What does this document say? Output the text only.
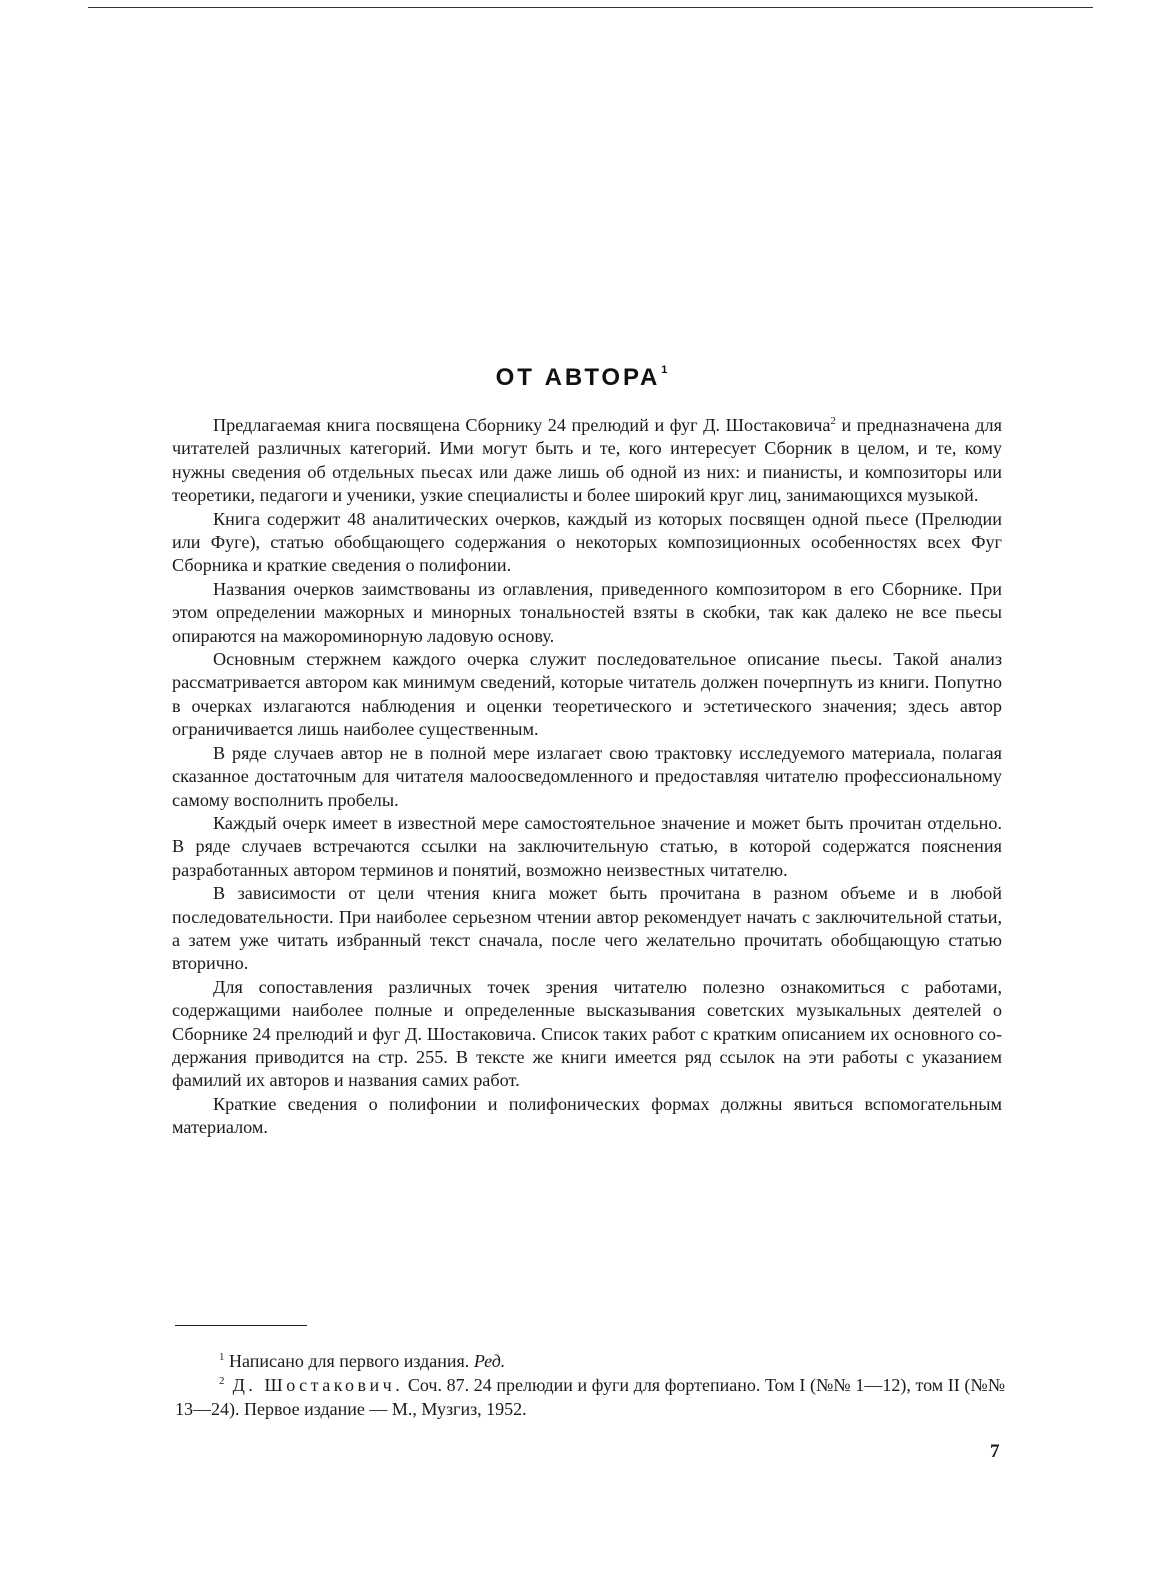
ОТ АВТОРА$^1$

Предлагаемая книга посвящена Сборнику 24 прелюдий и фуг Д. Шостаковича$^2$ и предназначена для читателей различных категорий. Ими могут быть и те, кого интересует Сборник в целом, и те, кому нужны сведения об отдельных пьесах или даже лишь об одной из них: и пианисты, и композиторы или теоретики, педагоги и ученики, узкие специалисты и более широкий круг лиц, занимающихся музыкой.

Книга содержит 48 аналитических очерков, каждый из которых посвящен одной пьесе (Прелюдии или Фуге), статью обобщающего содержания о некоторых композиционных особенностях всех Фуг Сборника и краткие сведения о полифонии.

Названия очерков заимствованы из оглавления, приведенного композитором в его Сборнике. При этом определении мажорных и минорных тональностей взяты в скобки, так как далеко не все пьесы опираются на мажороминорную ладовую основу.

Основным стержнем каждого очерка служит последовательное описание пьесы. Такой анализ рассматривается автором как минимум сведений, которые читатель должен почерпнуть из книги. Попутно в очерках излагаются наблюдения и оценки теоретического и эстетического значения; здесь автор ограничивается лишь наиболее существенным.

В ряде случаев автор не в полной мере излагает свою трактовку исследуемого материала, полагая сказанное достаточным для читателя малоосведомленного и предоставляя читателю профессиональному самому восполнить пробелы.

Каждый очерк имеет в известной мере самостоятельное значение и может быть прочитан отдельно. В ряде случаев встречаются ссылки на заключительную статью, в которой содержатся пояснения разработанных автором терминов и понятий, возможно неизвестных читателю.

В зависимости от цели чтения книга может быть прочитана в разном объеме и в любой последовательности. При наиболее серьезном чтении автор рекомендует начать с заключительной статьи, а затем уже читать избранный текст сначала, после чего желательно прочитать обобщающую статью вторично.

Для сопоставления различных точек зрения читателю полезно ознакомиться с работами, содержащими наиболее полные и определенные высказывания советских музыкальных деятелей о Сборнике 24 прелюдий и фуг Д. Шостаковича. Список таких работ с кратким описанием их основного содержания приводится на стр. 255. В тексте же книги имеется ряд ссылок на эти работы с указанием фамилий их авторов и названия самих работ.

Краткие сведения о полифонии и полифонических формах должны явиться вспомогательным материалом.

$^1$ Написано для первого издания. Ред.

$^2$ Д. Шостакович. Соч. 87. 24 прелюдии и фуги для фортепиано. Том I (№№ 1—12), том II (№№ 13—24). Первое издание — М., Музгиз, 1952.

7
